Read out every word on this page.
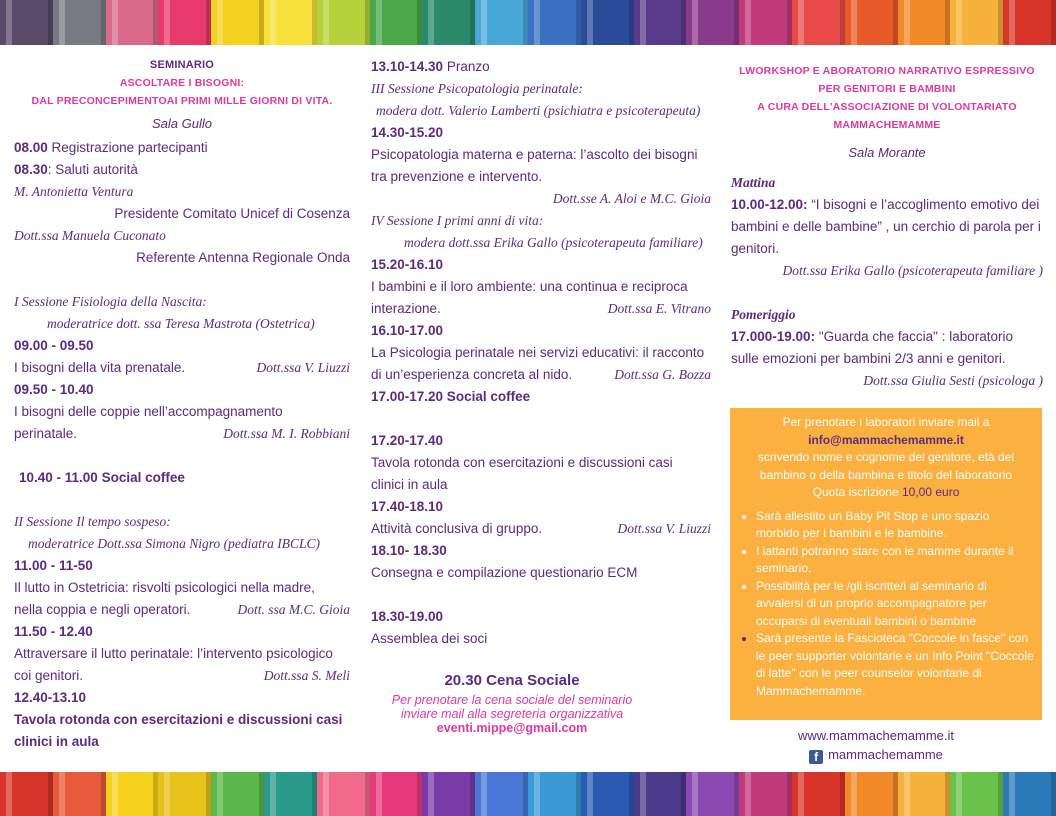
SEMINARIO
ASCOLTARE I BISOGNI:
DAL PRECONCEPIMENTOAI PRIMI MILLE GIORNI DI VITA.
Sala Gullo
08.00 Registrazione partecipanti
08.30: Saluti autorità
M. Antonietta Ventura
Presidente Comitato Unicef di Cosenza
Dott.ssa Manuela Cuconato
Referente Antenna Regionale Onda
I Sessione Fisiologia della Nascita:
moderatrice dott. ssa Teresa Mastrota (Ostetrica)
09.00 - 09.50
I bisogni della vita prenatale.	Dott.ssa V. Liuzzi
09.50 - 10.40
I bisogni delle coppie nell’accompagnamento
perinatale.	Dott.ssa M. I. Robbiani
10.40 - 11.00 Social coffee
II Sessione Il tempo sospeso:
moderatrice Dott.ssa Simona Nigro (pediatra IBCLC)
11.00 - 11-50
Il lutto in Ostetricia: risvolti psicologici nella madre,
nella coppia e negli operatori.	Dott. ssa M.C. Gioia
11.50 - 12.40
Attraversare il lutto perinatale: l’intervento psicologico
coi genitori.	Dott.ssa S. Meli
12.40-13.10
Tavola rotonda con esercitazioni e discussioni casi
clinici in aula
13.10-14.30 Pranzo
III Sessione Psicopatologia perinatale:
modera dott. Valerio Lamberti (psichiatra e psicoterapeuta)
14.30-15.20
Psicopatologia materna e paterna: l’ascolto dei bisogni
tra prevenzione e intervento.
Dott.sse A. Aloi e M.C. Gioia
IV Sessione I primi anni di vita:
modera dott.ssa Erika Gallo (psicoterapeuta familiare)
15.20-16.10
I bambini e il loro ambiente: una continua e reciproca
interazione.	Dott.ssa E. Vitrano
16.10-17.00
La Psicologia perinatale nei servizi educativi: il racconto
di un’esperienza concreta al nido.	Dott.ssa G. Bozza
17.00-17.20 Social coffee
17.20-17.40
Tavola rotonda con esercitazioni e discussioni casi
clinici in aula
17.40-18.10
Attività conclusiva di gruppo.	Dott.ssa V. Liuzzi
18.10- 18.30
Consegna e compilazione questionario ECM
18.30-19.00
Assemblea dei soci
20.30 Cena Sociale
Per prenotare la cena sociale del seminario
inviare mail alla segreteria organizzativa
eventi.mippe@gmail.com
LWORKSHOP E ABORATORIO NARRATIVO ESPRESSIVO
PER GENITORI E BAMBINI
A CURA DELL'ASSOCIAZIONE DI VOLONTARIATO
MAMMACHEMAMME
Sala Morante
Mattina
10.00-12.00: “I bisogni e l’accoglimento emotivo dei bambini e delle bambine” , un cerchio di parola per i genitori.
Dott.ssa Erika Gallo (psicoterapeuta familiare )
Pomeriggio
17.000-19.00: "Guarda che faccia" : laboratorio sulle emozioni per bambini 2/3 anni e genitori.
Dott.ssa Giulia Sesti (psicologa )
Per prenotare i laboratori inviare mail a
info@mammachemamme.it
scrivendo nome e cognome del genitore, età del bambino o della bambina e titolo del laboratorio
Quota iscrizione 10,00 euro
• Sarà allestito un Baby Pit Stop e uno spazio morbido per i bambini e le bambine.
• I lattanti potranno stare con le mamme durante il seminario.
• Possibilità per le /gli iscritte/i al seminario di avvalersi di un proprio accompagnatore per occuparsi di eventuali bambini o bambine
• Sarà presente la Fascioteca "Coccole in fasce" con le peer supporter volontarie e un Info Point "Coccole di latte" con le peer counselor volontarie di Mammachemamme.
www.mammachemamme.it
f mammachemamme
